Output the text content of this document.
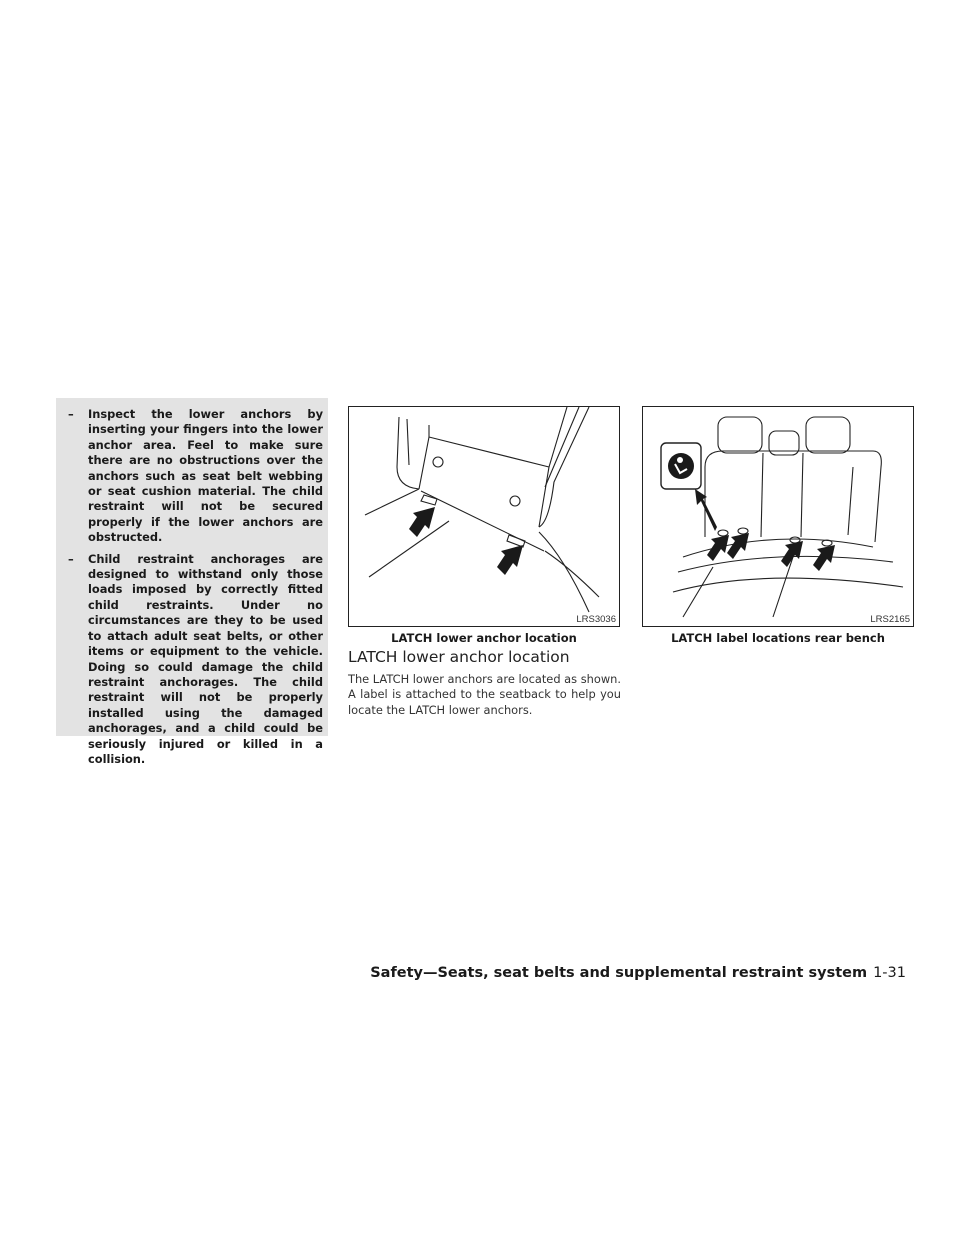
– Inspect the lower anchors by inserting your fingers into the lower anchor area. Feel to make sure there are no obstructions over the anchors such as seat belt webbing or seat cushion material. The child restraint will not be secured properly if the lower anchors are obstructed.
– Child restraint anchorages are designed to withstand only those loads imposed by correctly fitted child restraints. Under no circumstances are they to be used to attach adult seat belts, or other items or equipment to the vehicle. Doing so could damage the child restraint anchorages. The child restraint will not be properly installed using the damaged anchorages, and a child could be seriously injured or killed in a collision.
LRS3036
LATCH lower anchor location
LRS2165
LATCH label locations rear bench
LATCH lower anchor location
The LATCH lower anchors are located as shown. A label is attached to the seatback to help you locate the LATCH lower anchors.
Safety—Seats, seat belts and supplemental restraint system 1-31
